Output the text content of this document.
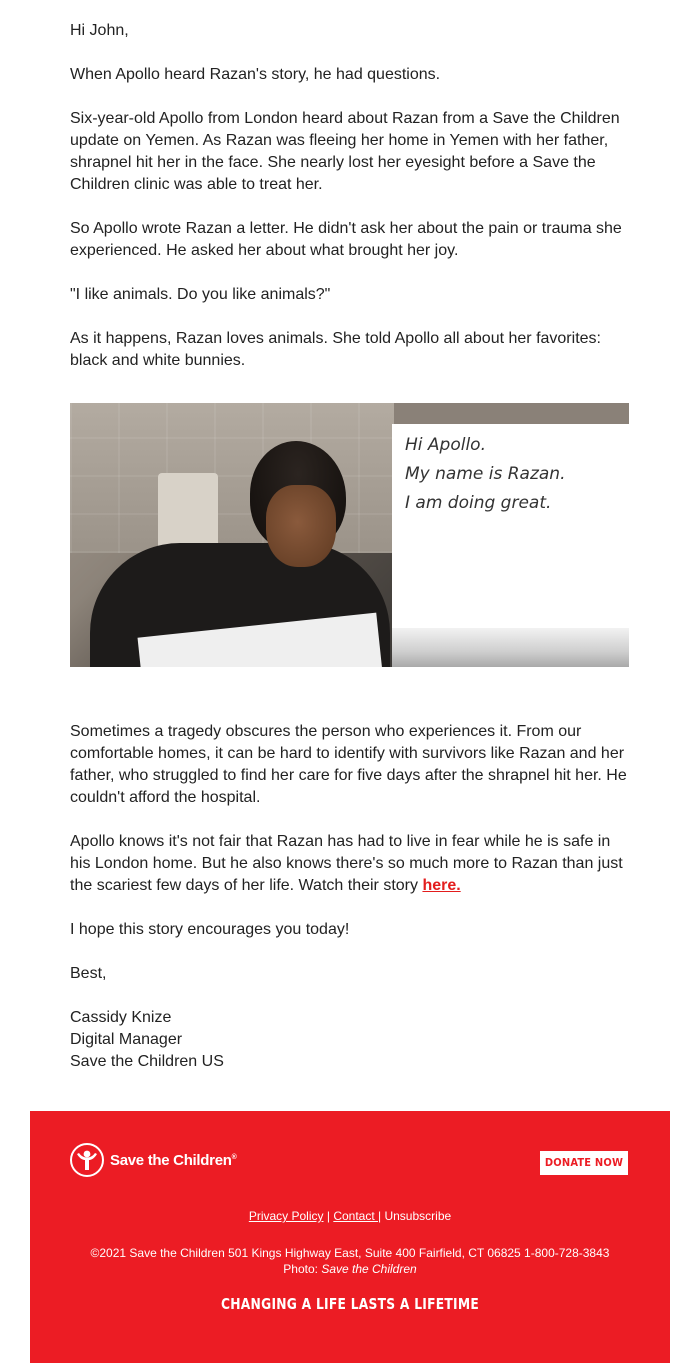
Hi John,

When Apollo heard Razan's story, he had questions.

Six-year-old Apollo from London heard about Razan from a Save the Children update on Yemen. As Razan was fleeing her home in Yemen with her father, shrapnel hit her in the face. She nearly lost her eyesight before a Save the Children clinic was able to treat her.

So Apollo wrote Razan a letter. He didn't ask her about the pain or trauma she experienced. He asked her about what brought her joy.

"I like animals. Do you like animals?"

As it happens, Razan loves animals. She told Apollo all about her favorites: black and white bunnies.

Hi Apollo.
My name is Razan.
I am doing great.

Sometimes a tragedy obscures the person who experiences it. From our comfortable homes, it can be hard to identify with survivors like Razan and her father, who struggled to find her care for five days after the shrapnel hit her. He couldn't afford the hospital.

Apollo knows it's not fair that Razan has had to live in fear while he is safe in his London home. But he also knows there's so much more to Razan than just the scariest few days of her life. Watch their story here.

I hope this story encourages you today!

Best,

Cassidy Knize

Digital Manager

Save the Children US

Save the Children®	DONATE NOW
Privacy Policy | Contact | Unsubscribe
©2021 Save the Children 501 Kings Highway East, Suite 400 Fairfield, CT 06825 1-800-728-3843
Photo: Save the Children
CHANGING A LIFE LASTS A LIFETIME
